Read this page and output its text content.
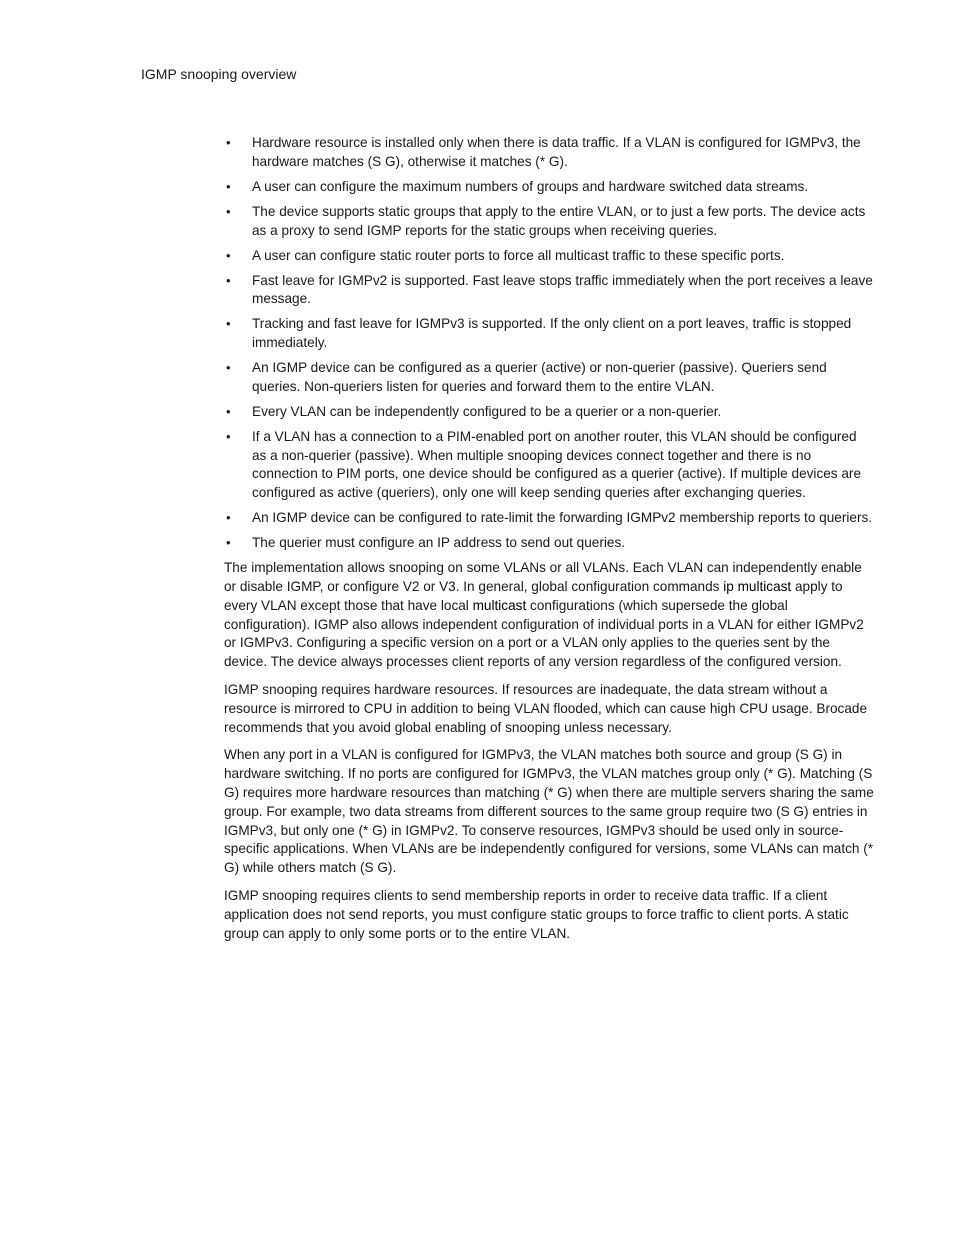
IGMP snooping overview
• Hardware resource is installed only when there is data traffic. If a VLAN is configured for IGMPv3, the hardware matches (S G), otherwise it matches (* G).
• A user can configure the maximum numbers of groups and hardware switched data streams.
• The device supports static groups that apply to the entire VLAN, or to just a few ports. The device acts as a proxy to send IGMP reports for the static groups when receiving queries.
• A user can configure static router ports to force all multicast traffic to these specific ports.
• Fast leave for IGMPv2 is supported. Fast leave stops traffic immediately when the port receives a leave message.
• Tracking and fast leave for IGMPv3 is supported. If the only client on a port leaves, traffic is stopped immediately.
• An IGMP device can be configured as a querier (active) or non-querier (passive). Queriers send queries. Non-queriers listen for queries and forward them to the entire VLAN.
• Every VLAN can be independently configured to be a querier or a non-querier.
• If a VLAN has a connection to a PIM-enabled port on another router, this VLAN should be configured as a non-querier (passive). When multiple snooping devices connect together and there is no connection to PIM ports, one device should be configured as a querier (active). If multiple devices are configured as active (queriers), only one will keep sending queries after exchanging queries.
• An IGMP device can be configured to rate-limit the forwarding IGMPv2 membership reports to queriers.
• The querier must configure an IP address to send out queries.

The implementation allows snooping on some VLANs or all VLANs. Each VLAN can independently enable or disable IGMP, or configure V2 or V3. In general, global configuration commands ip multicast apply to every VLAN except those that have local multicast configurations (which supersede the global configuration). IGMP also allows independent configuration of individual ports in a VLAN for either IGMPv2 or IGMPv3. Configuring a specific version on a port or a VLAN only applies to the queries sent by the device. The device always processes client reports of any version regardless of the configured version.

IGMP snooping requires hardware resources. If resources are inadequate, the data stream without a resource is mirrored to CPU in addition to being VLAN flooded, which can cause high CPU usage. Brocade recommends that you avoid global enabling of snooping unless necessary.

When any port in a VLAN is configured for IGMPv3, the VLAN matches both source and group (S G) in hardware switching. If no ports are configured for IGMPv3, the VLAN matches group only (* G). Matching (S G) requires more hardware resources than matching (* G) when there are multiple servers sharing the same group. For example, two data streams from different sources to the same group require two (S G) entries in IGMPv3, but only one (* G) in IGMPv2. To conserve resources, IGMPv3 should be used only in source-specific applications. When VLANs are be independently configured for versions, some VLANs can match (* G) while others match (S G).

IGMP snooping requires clients to send membership reports in order to receive data traffic. If a client application does not send reports, you must configure static groups to force traffic to client ports. A static group can apply to only some ports or to the entire VLAN.
